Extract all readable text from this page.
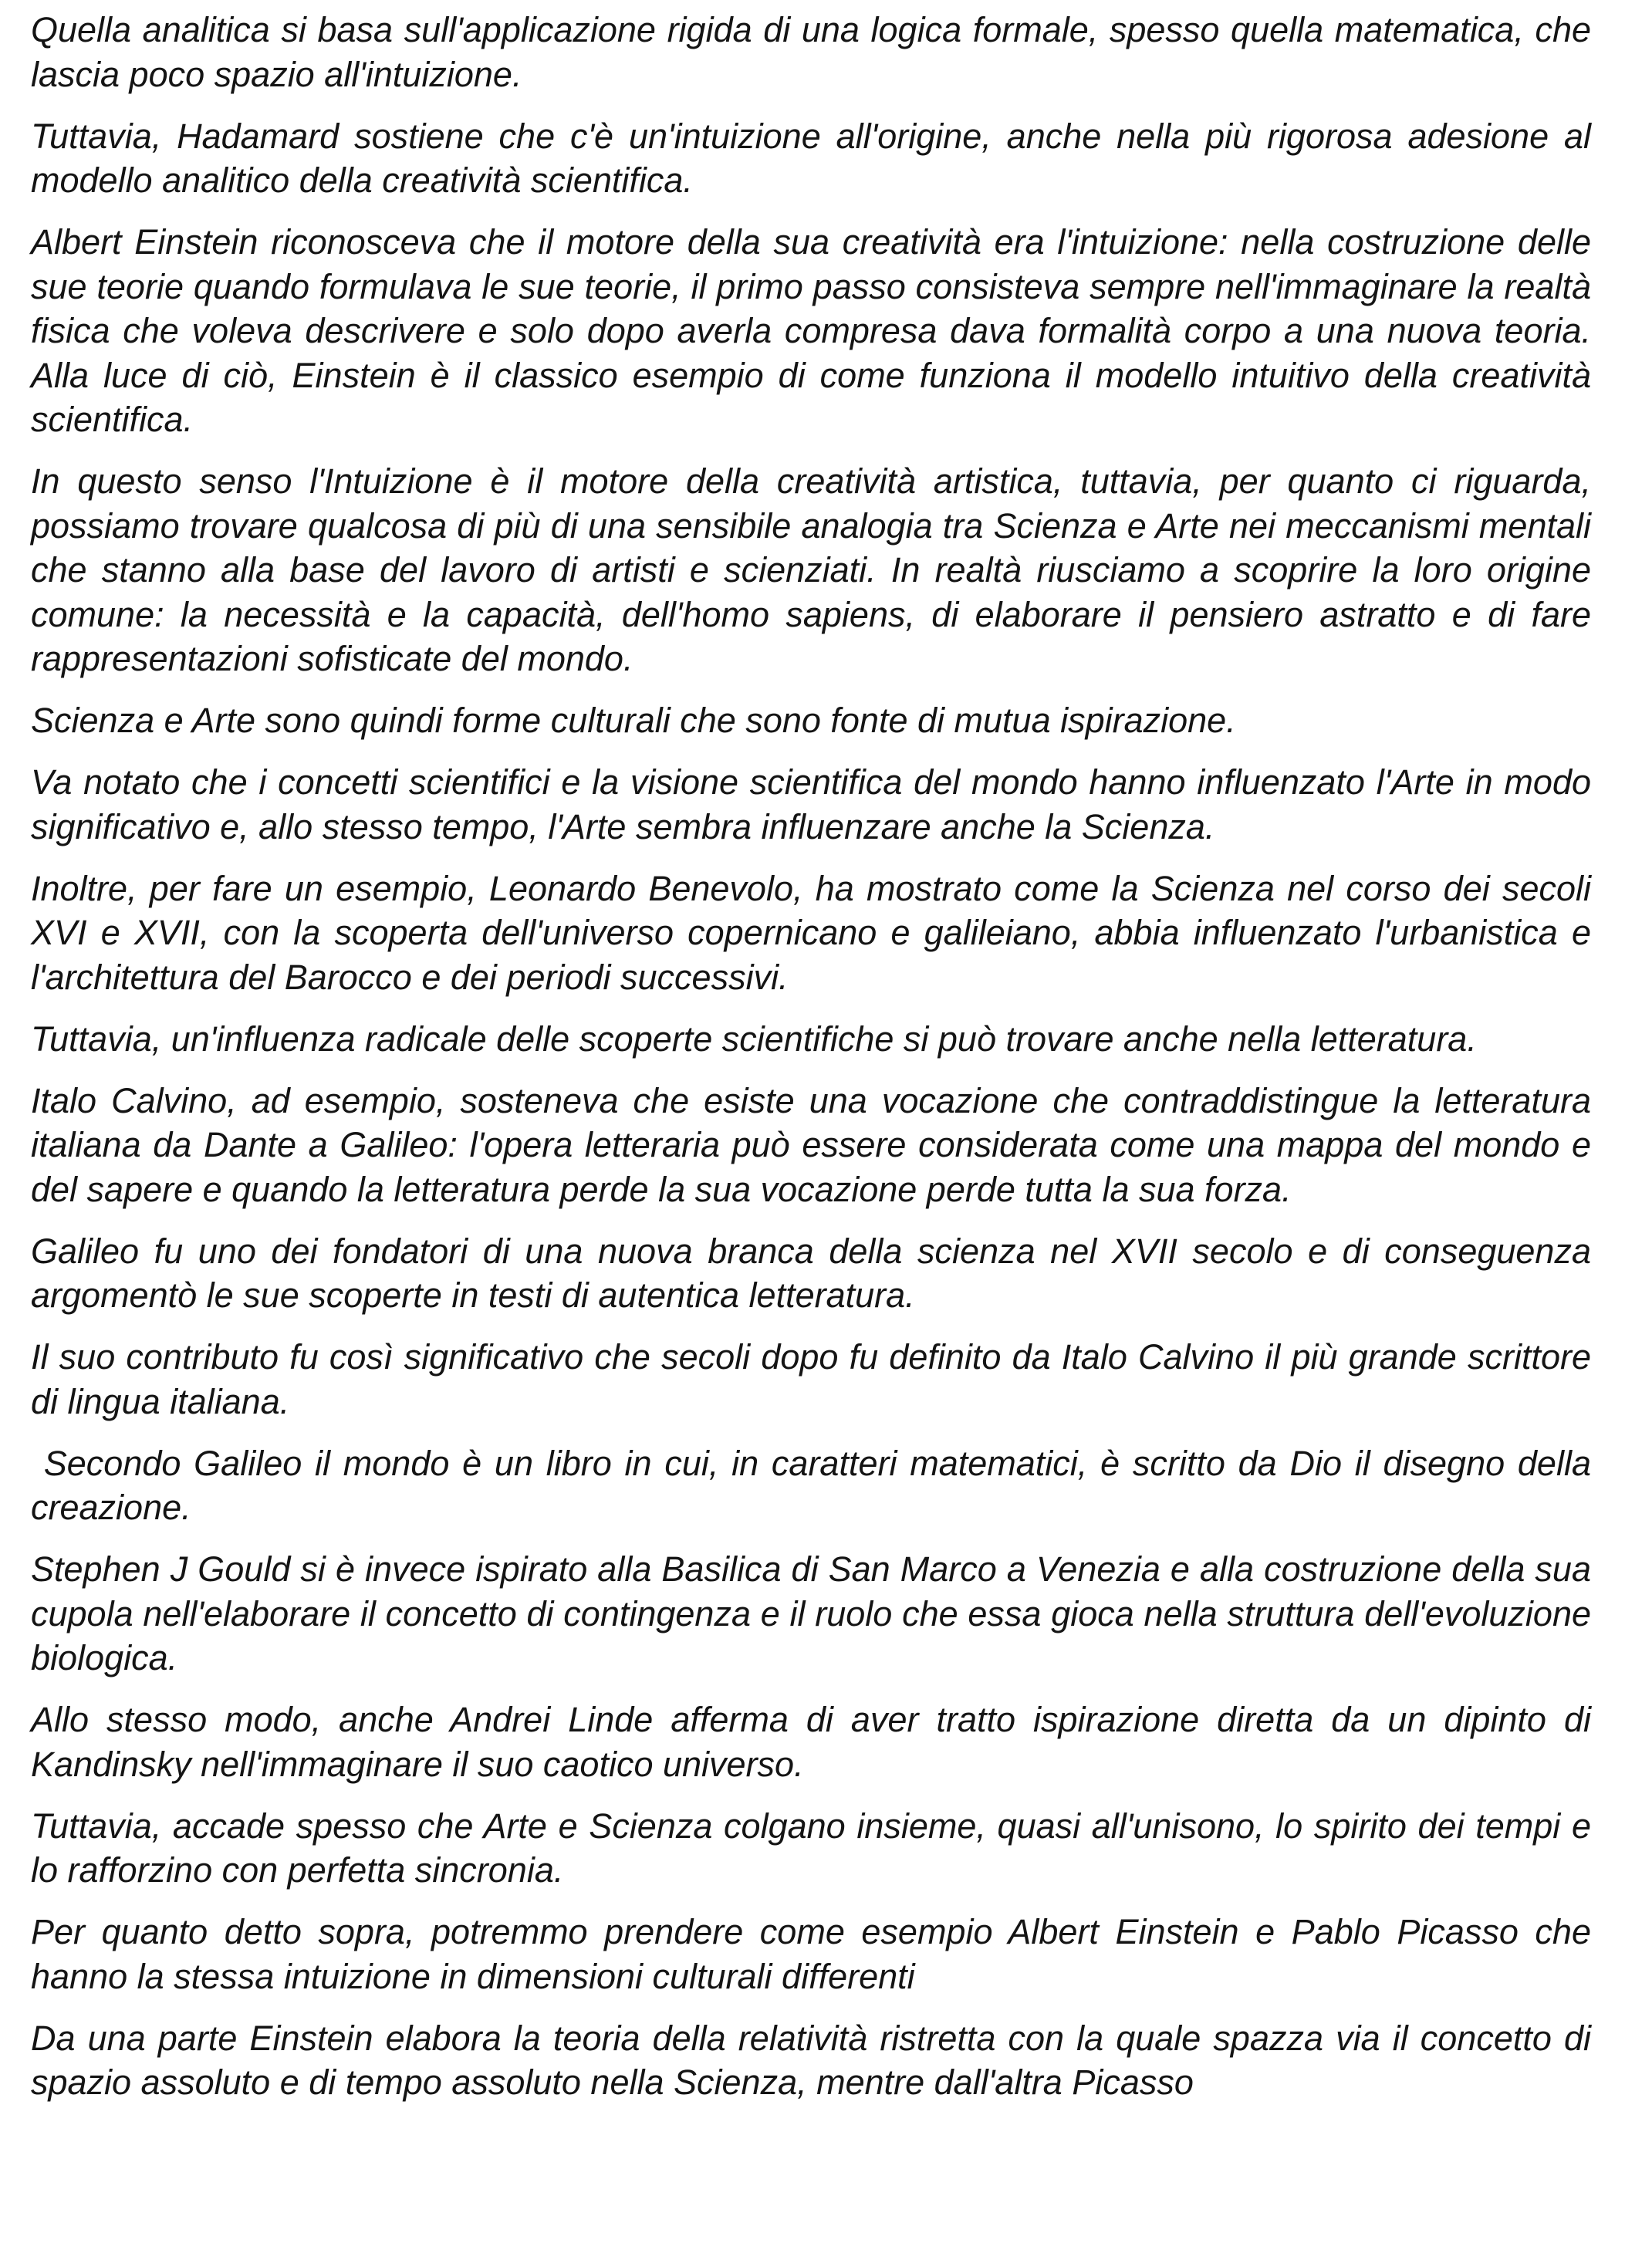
Quella analitica si basa sull'applicazione rigida di una logica formale, spesso quella matematica, che lascia poco spazio all'intuizione.

Tuttavia, Hadamard sostiene che c'è un'intuizione all'origine, anche nella più rigorosa adesione al modello analitico della creatività scientifica.

Albert Einstein riconosceva che il motore della sua creatività era l'intuizione: nella costruzione delle sue teorie quando formulava le sue teorie, il primo passo consisteva sempre nell'immaginare la realtà fisica che voleva descrivere e solo dopo averla compresa dava formalità corpo a una nuova teoria. Alla luce di ciò, Einstein è il classico esempio di come funziona il modello intuitivo della creatività scientifica.

In questo senso l'Intuizione è il motore della creatività artistica, tuttavia, per quanto ci riguarda, possiamo trovare qualcosa di più di una sensibile analogia tra Scienza e Arte nei meccanismi mentali che stanno alla base del lavoro di artisti e scienziati. In realtà riusciamo a scoprire la loro origine comune: la necessità e la capacità, dell'homo sapiens, di elaborare il pensiero astratto e di fare rappresentazioni sofisticate del mondo.

Scienza e Arte sono quindi forme culturali che sono fonte di mutua ispirazione.

Va notato che i concetti scientifici e la visione scientifica del mondo hanno influenzato l'Arte in modo significativo e, allo stesso tempo, l'Arte sembra influenzare anche la Scienza.

Inoltre, per fare un esempio, Leonardo Benevolo, ha mostrato come la Scienza nel corso dei secoli XVI e XVII, con la scoperta dell'universo copernicano e galileiano, abbia influenzato l'urbanistica e l'architettura del Barocco e dei periodi successivi.

Tuttavia, un'influenza radicale delle scoperte scientifiche si può trovare anche nella letteratura.

Italo Calvino, ad esempio, sosteneva che esiste una vocazione che contraddistingue la letteratura italiana da Dante a Galileo: l'opera letteraria può essere considerata come una mappa del mondo e del sapere e quando la letteratura perde la sua vocazione perde tutta la sua forza.

Galileo fu uno dei fondatori di una nuova branca della scienza nel XVII secolo e di conseguenza argomentò le sue scoperte in testi di autentica letteratura.

Il suo contributo fu così significativo che secoli dopo fu definito da Italo Calvino il più grande scrittore di lingua italiana.

Secondo Galileo il mondo è un libro in cui, in caratteri matematici, è scritto da Dio il disegno della creazione.

Stephen J Gould si è invece ispirato alla Basilica di San Marco a Venezia e alla costruzione della sua cupola nell'elaborare il concetto di contingenza e il ruolo che essa gioca nella struttura dell'evoluzione biologica.

Allo stesso modo, anche Andrei Linde afferma di aver tratto ispirazione diretta da un dipinto di Kandinsky nell'immaginare il suo caotico universo.

Tuttavia, accade spesso che Arte e Scienza colgano insieme, quasi all'unisono, lo spirito dei tempi e lo rafforzino con perfetta sincronia.

Per quanto detto sopra, potremmo prendere come esempio Albert Einstein e Pablo Picasso che hanno la stessa intuizione in dimensioni culturali differenti

Da una parte Einstein elabora la teoria della relatività ristretta con la quale spazza via il concetto di spazio assoluto e di tempo assoluto nella Scienza, mentre dall'altra Picasso
